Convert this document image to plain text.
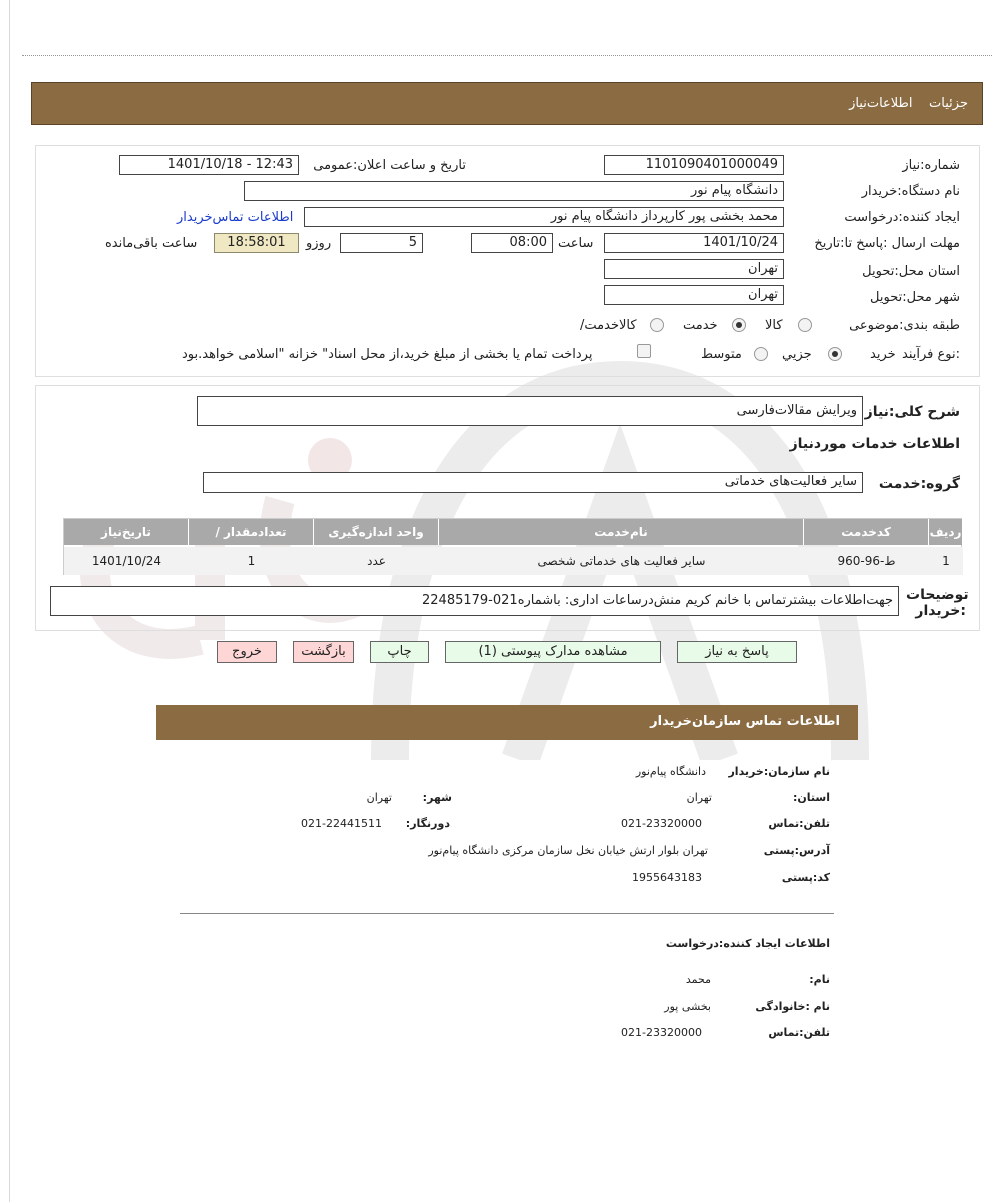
جزئیات    اطلاعات‌نیاز
شماره:نیاز
1101090401000049
تاریخ و ساعت اعلان:عمومی
1401/10/18 - 12:43
نام دستگاه:خریدار
دانشگاه پیام نور
ایجاد کننده:درخواست
محمد بخشی پور کارپرداز دانشگاه پیام نور
اطلاعات تماس‌خریدار
مهلت ارسال :پاسخ تا:تاریخ
1401/10/24
ساعت
08:00
5
روزو
18:58:01
ساعت باقی‌مانده
استان محل:تحویل
تهران
شهر محل:تحویل
تهران
طبقه بندی:موضوعی
کالا
خدمت
/کالاخدمت
نوع فرآیند:
خرید
جزيي
متوسط
پرداخت تمام یا بخشی از مبلغ خرید،از محل اسناد" خزانه "اسلامی خواهد.بود
شرح کلی:نیاز
ویرایش مقالات‌فارسی
اطلاعات خدمات موردنیاز
گروه:خدمت
سایر فعالیت‌های خدماتی
ردیف
کدخدمت
نام‌خدمت
واحد اندازه‌گیری
/ تعدادمقدار
تاریخ‌نیاز
1
ط-96-960
سایر فعالیت های خدماتی شخصی
عدد
1
1401/10/24
توضیحات :خریدار
جهت‌اطلاعات بیشترتماس با خانم کریم منش‌درساعات اداری: باشماره021-22485179
پاسخ به نیاز
مشاهده مدارک پیوستی (1)
چاپ
بازگشت
خروج
اطلاعات تماس سازمان‌خریدار
نام سازمان:خریدار
دانشگاه پیام‌نور
:استان
تهران
:شهر
تهران
تلفن:تماس
021-23320000
:دورنگار
021-22441511
آدرس:پستی
تهران بلوار ارتش خیابان نخل سازمان مرکزی دانشگاه پیام‌نور
کد:پستی
1955643183
اطلاعات ایجاد کننده:درخواست
:نام
محمد
نام :خانوادگی
بخشی پور
تلفن:تماس
021-23320000
